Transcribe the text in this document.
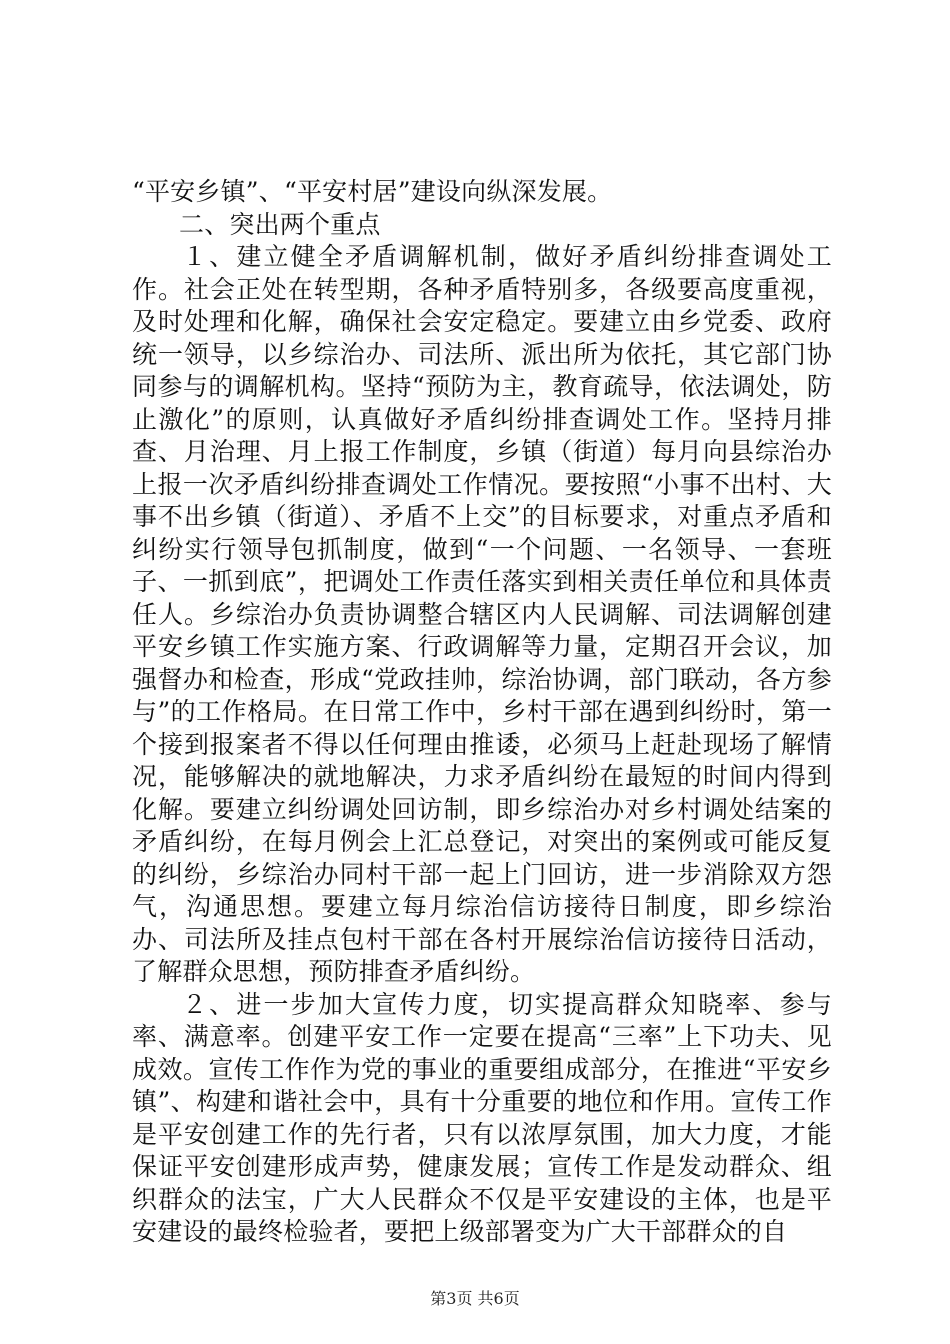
“平安乡镇”、“平安村居”建设向纵深发展。

二、突出两个重点

１、建立健全矛盾调解机制，做好矛盾纠纷排查调处工作。社会正处在转型期，各种矛盾特别多，各级要高度重视，及时处理和化解，确保社会安定稳定。要建立由乡党委、政府统一领导，以乡综治办、司法所、派出所为依托，其它部门协同参与的调解机构。坚持“预防为主，教育疏导，依法调处，防止激化”的原则，认真做好矛盾纠纷排查调处工作。坚持月排查、月治理、月上报工作制度，乡镇（街道）每月向县综治办上报一次矛盾纠纷排查调处工作情况。要按照“小事不出村、大事不出乡镇（街道）、矛盾不上交”的目标要求，对重点矛盾和纠纷实行领导包抓制度，做到“一个问题、一名领导、一套班子、一抓到底”，把调处工作责任落实到相关责任单位和具体责任人。乡综治办负责协调整合辖区内人民调解、司法调解创建平安乡镇工作实施方案、行政调解等力量，定期召开会议，加强督办和检查，形成“党政挂帅，综治协调，部门联动，各方参与”的工作格局。在日常工作中，乡村干部在遇到纠纷时，第一个接到报案者不得以任何理由推诿，必须马上赶赴现场了解情况，能够解决的就地解决，力求矛盾纠纷在最短的时间内得到化解。要建立纠纷调处回访制，即乡综治办对乡村调处结案的矛盾纠纷，在每月例会上汇总登记，对突出的案例或可能反复的纠纷，乡综治办同村干部一起上门回访，进一步消除双方怨气，沟通思想。要建立每月综治信访接待日制度，即乡综治办、司法所及挂点包村干部在各村开展综治信访接待日活动，了解群众思想，预防排查矛盾纠纷。

２、进一步加大宣传力度，切实提高群众知晓率、参与率、满意率。创建平安工作一定要在提高“三率”上下功夫、见成效。宣传工作作为党的事业的重要组成部分，在推进“平安乡镇”、构建和谐社会中，具有十分重要的地位和作用。宣传工作是平安创建工作的先行者，只有以浓厚氛围，加大力度，才能保证平安创建形成声势，健康发展；宣传工作是发动群众、组织群众的法宝，广大人民群众不仅是平安建设的主体，也是平安建设的最终检验者，要把上级部署变为广大干部群众的自

第3页 共6页
